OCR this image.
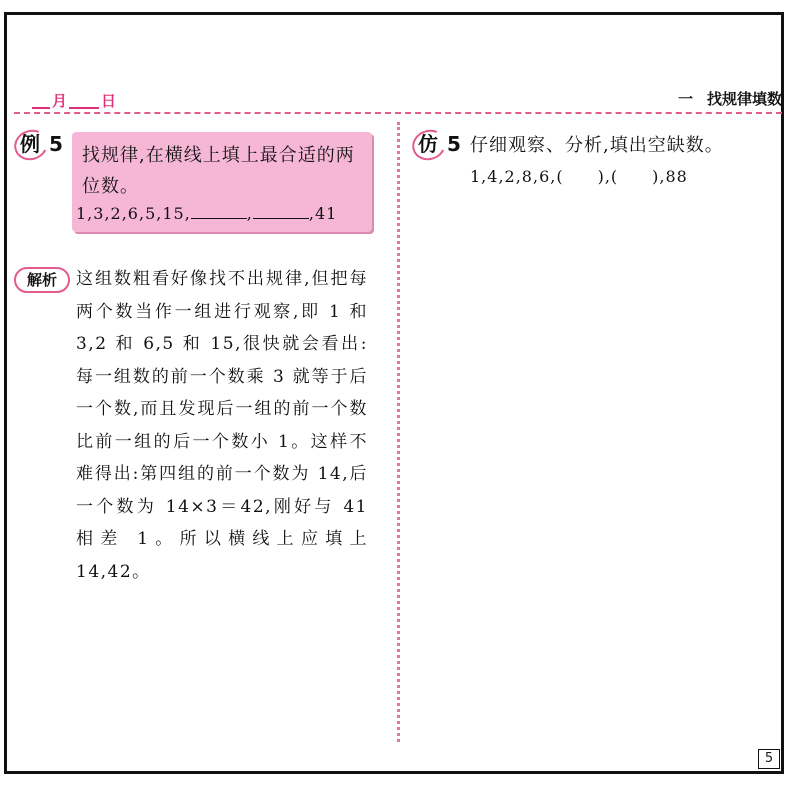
月 日	一 找规律填数
例 5 找规律,在横线上填上最合适的两位数。
1,3,2,6,5,15,	,	,41
解析	这组数粗看好像找不出规律,但把每两个数当作一组进行观察,即 1 和 3,2 和 6,5 和 15,很快就会看出:每一组数的前一个数乘 3 就等于后一个数,而且发现后一组的前一个数比前一组的后一个数小 1。这样不难得出:第四组的前一个数为 14,后一个数为 14×3＝42,刚好与 41 相差 1。所以横线上应填上 14,42。
仿 5 仔细观察、分析,填出空缺数。
1,4,2,8,6,(　　),(　　),88
5
